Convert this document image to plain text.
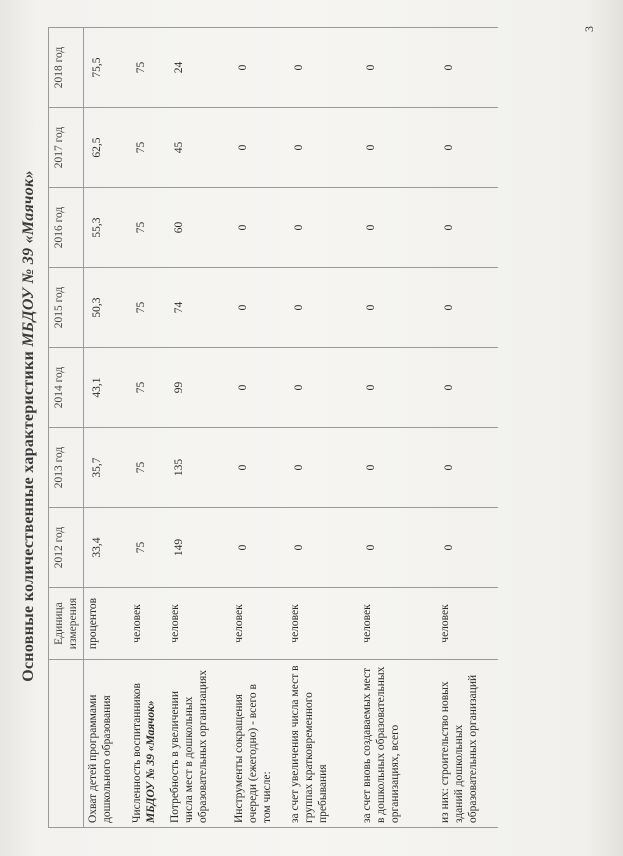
Основные количественные характеристики МБДОУ № 39 «Маячок»
	Единица измерения	2012 год	2013 год	2014 год	2015 год	2016 год	2017 год	2018 год
Охват детей программами дошкольного образования	процентов	33,4	35,7	43,1	50,3	55,3	62,5	75,5
Численность воспитанников МБДОУ № 39 «Маячок»	человек	75	75	75	75	75	75	75
Потребность в увеличении числа мест в дошкольных образовательных организациях	человек	149	135	99	74	60	45	24
Инструменты сокращения очереди (ежегодно) - всего в том числе:	человек	0	0	0	0	0	0	0
за счет увеличения числа мест в группах кратковременного пребывания	человек	0	0	0	0	0	0	0
за счет вновь создаваемых мест в дошкольных образовательных организациях, всего	человек	0	0	0	0	0	0	0
из них: строительство новых зданий дошкольных образовательных организаций	человек	0	0	0	0	0	0	0
3
